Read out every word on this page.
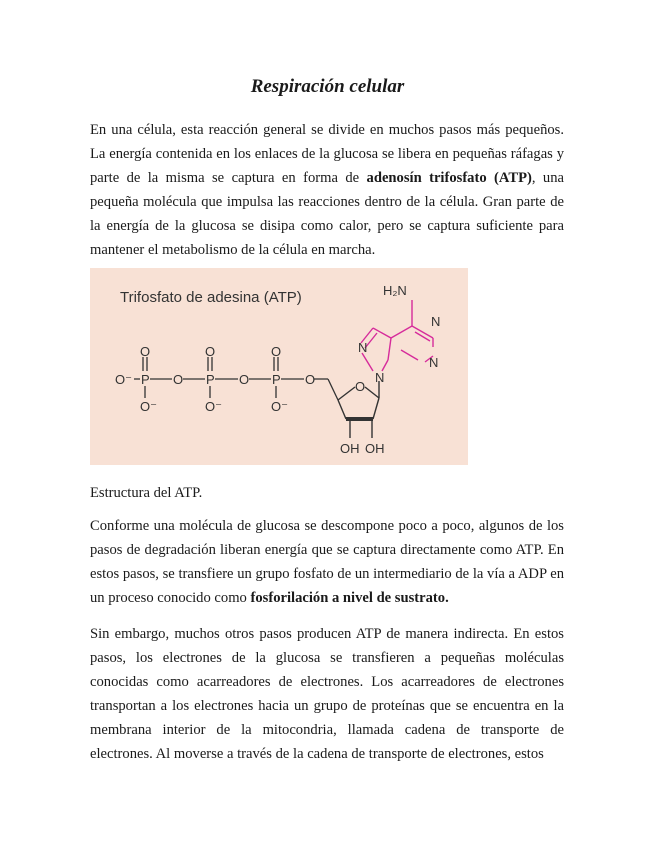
Respiración celular

En una célula, esta reacción general se divide en muchos pasos más pequeños. La energía contenida en los enlaces de la glucosa se libera en pequeñas ráfagas y parte de la misma se captura en forma de adenosín trifosfato (ATP), una pequeña molécula que impulsa las reacciones dentro de la célula. Gran parte de la energía de la glucosa se disipa como calor, pero se captura suficiente para mantener el metabolismo de la célula en marcha.

Trifosfato de adesina (ATP)
O⁻ P O P O P O
O	O	O
O⁻	O⁻	O⁻
O
OH OH
H₂N
N
N
N
N

Estructura del ATP.

Conforme una molécula de glucosa se descompone poco a poco, algunos de los pasos de degradación liberan energía que se captura directamente como ATP. En estos pasos, se transfiere un grupo fosfato de un intermediario de la vía a ADP en un proceso conocido como fosforilación a nivel de sustrato.

Sin embargo, muchos otros pasos producen ATP de manera indirecta. En estos pasos, los electrones de la glucosa se transfieren a pequeñas moléculas conocidas como acarreadores de electrones. Los acarreadores de electrones transportan a los electrones hacia un grupo de proteínas que se encuentra en la membrana interior de la mitocondria, llamada cadena de transporte de electrones. Al moverse a través de la cadena de transporte de electrones, estos
